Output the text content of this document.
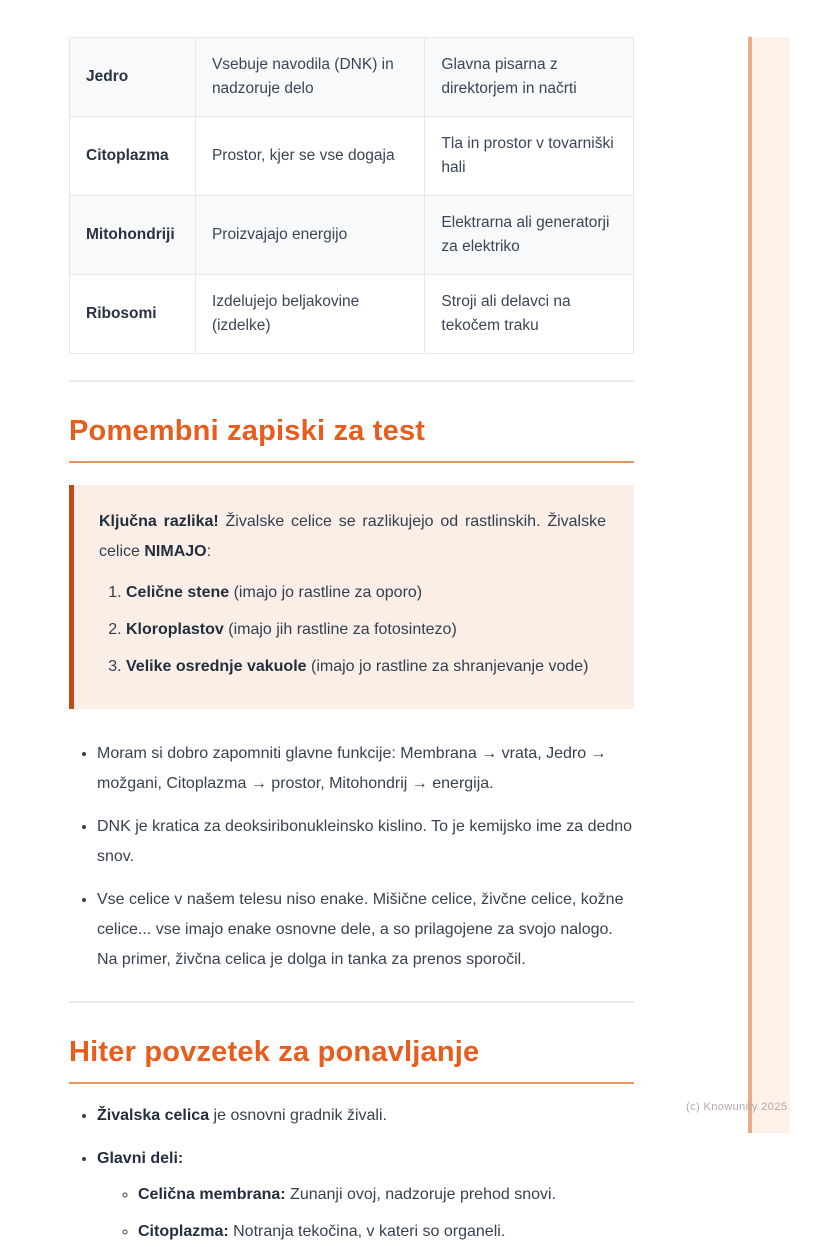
Jedro	Vsebuje navodila (DNK) in nadzoruje delo	Glavna pisarna z direktorjem in načrti
Citoplazma	Prostor, kjer se vse dogaja	Tla in prostor v tovarniški hali
Mitohondriji	Proizvajajo energijo	Elektrarna ali generatorji za elektriko
Ribosomi	Izdelujejo beljakovine (izdelke)	Stroji ali delavci na tekočem traku
Pomembni zapiski za test

Ključna razlika! Živalske celice se razlikujejo od rastlinskih. Živalske celice NIMAJO:

1. Celične stene (imajo jo rastline za oporo)
2. Kloroplastov (imajo jih rastline za fotosintezo)
3. Velike osrednje vakuole (imajo jo rastline za shranjevanje vode)
• Moram si dobro zapomniti glavne funkcije: Membrana → vrata, Jedro → možgani, Citoplazma → prostor, Mitohondrij → energija.
• DNK je kratica za deoksiribonukleinsko kislino. To je kemijsko ime za dedno snov.
• Vse celice v našem telesu niso enake. Mišične celice, živčne celice, kožne celice... vse imajo enake osnovne dele, a so prilagojene za svojo nalogo. Na primer, živčna celica je dolga in tanka za prenos sporočil.
Hiter povzetek za ponavljanje
• Živalska celica je osnovni gradnik živali.
• Glavni deli:
◦ Celična membrana: Zunanji ovoj, nadzoruje prehod snovi.
◦ Citoplazma: Notranja tekočina, v kateri so organeli.
(c) Knowunity 2025
